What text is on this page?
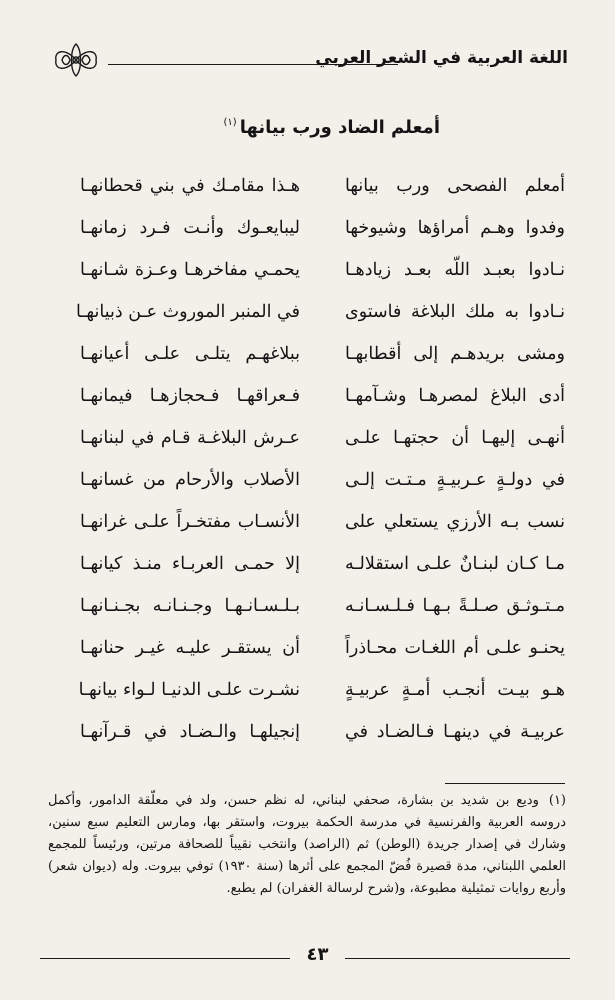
اللغة العربية في الشعر العربي
أمعلم الضاد ورب بيانها$^{(١)}$
أمعلم الفصحى ورب بيانها
هـذا مقامـك في بني قحطانهـا
وفدوا وهـم أمراؤها وشيوخها
ليبايعـوك وأنـت فـرد زمانهـا
نـادوا بعبـد اللّه بعـد زيادهـا
يحمـي مفاخرهـا وعـزة شـانهـا
نـادوا به ملك البلاغة فاستوى
في المنبر الموروث عـن ذبيانهـا
ومشى بريدهـم إلى أقطابهـا
ببلاغهـم يتلـى علـى أعيانهـا
أدى البلاغ لمصرهـا وشـآمهـا
فـعراقهـا فـحجازهـا فيمانهـا
أنهـى إليهـا أن حجتهـا علـى
عـرش البلاغـة قـام في لبنانهـا
في دولـةٍ عـربيـةٍ مـتـت إلـى
الأصلاب والأرحام من غسانهـا
نسب بـه الأرزي يستعلي على
الأنسـاب مفتخـراً علـى غرانهـا
مـا كـان لبنـانٌ علـى استقلالـه
إلا حمـى العربـاء منـذ كيانهـا
مـتـوثـق صـلـةً بـهـا فـلـسـانـه
بـلـسـانـهـا وجـنـانـه بجـنـانهـا
يحنـو علـى أم اللغـات محـاذراً
أن يستقـر عليـه غيـر حنانهـا
هـو بيـت أنجـب أمـةٍ عربيـةٍ
نشـرت علـى الدنيـا لـواء بيانهـا
عربيـة في دينهـا فـالضـاد في
إنجيلهـا والـضـاد في قـرآنهـا
(١)وديع بن شديد بن بشارة، صحفي لبناني، له نظم حسن، ولد في معلّقة الدامور، وأكمل دروسه العربية والفرنسية في مدرسة الحكمة بيروت، واستقر بها، ومارس التعليم سبع سنين، وشارك في إصدار جريدة (الوطن) ثم (الراصد) وانتخب نقيباً للصحافة مرتين، ورئيساً للمجمع العلمي اللبناني، مدة قصيرة فُضّ المجمع على أثرها (سنة ١٩٣٠) توفي بيروت. وله (ديوان شعر) وأربع روايات تمثيلية مطبوعة، و(شرح لرسالة الغفران) لم يطبع.
٤٣
